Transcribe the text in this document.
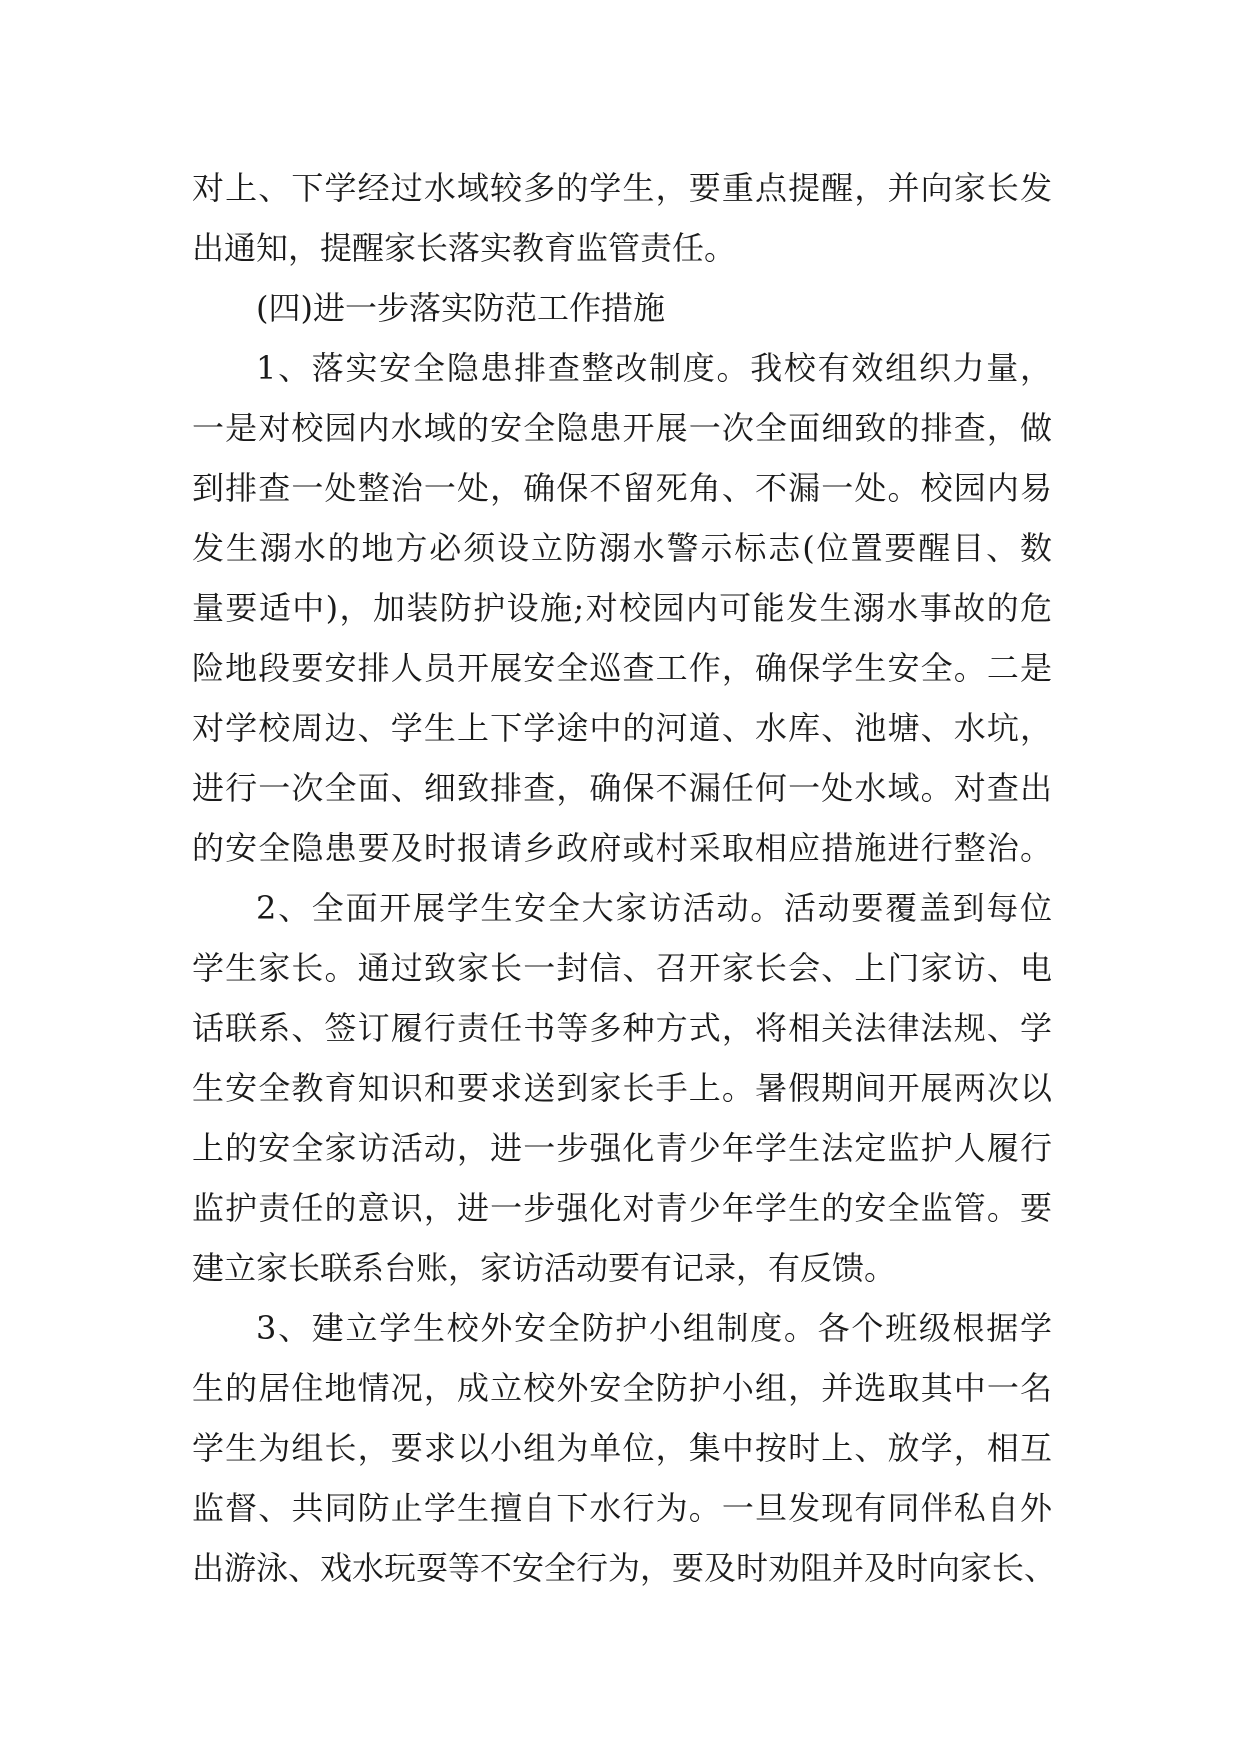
对上、下学经过水域较多的学生，要重点提醒，并向家长发
出通知，提醒家长落实教育监管责任。
(四)进一步落实防范工作措施
1、落实安全隐患排查整改制度。我校有效组织力量，
一是对校园内水域的安全隐患开展一次全面细致的排查，做
到排查一处整治一处，确保不留死角、不漏一处。校园内易
发生溺水的地方必须设立防溺水警示标志(位置要醒目、数
量要适中)，加装防护设施;对校园内可能发生溺水事故的危
险地段要安排人员开展安全巡查工作，确保学生安全。二是
对学校周边、学生上下学途中的河道、水库、池塘、水坑，
进行一次全面、细致排查，确保不漏任何一处水域。对查出
的安全隐患要及时报请乡政府或村采取相应措施进行整治。
2、全面开展学生安全大家访活动。活动要覆盖到每位
学生家长。通过致家长一封信、召开家长会、上门家访、电
话联系、签订履行责任书等多种方式，将相关法律法规、学
生安全教育知识和要求送到家长手上。暑假期间开展两次以
上的安全家访活动，进一步强化青少年学生法定监护人履行
监护责任的意识，进一步强化对青少年学生的安全监管。要
建立家长联系台账，家访活动要有记录，有反馈。
3、建立学生校外安全防护小组制度。各个班级根据学
生的居住地情况，成立校外安全防护小组，并选取其中一名
学生为组长，要求以小组为单位，集中按时上、放学，相互
监督、共同防止学生擅自下水行为。一旦发现有同伴私自外
出游泳、戏水玩耍等不安全行为，要及时劝阻并及时向家长、
